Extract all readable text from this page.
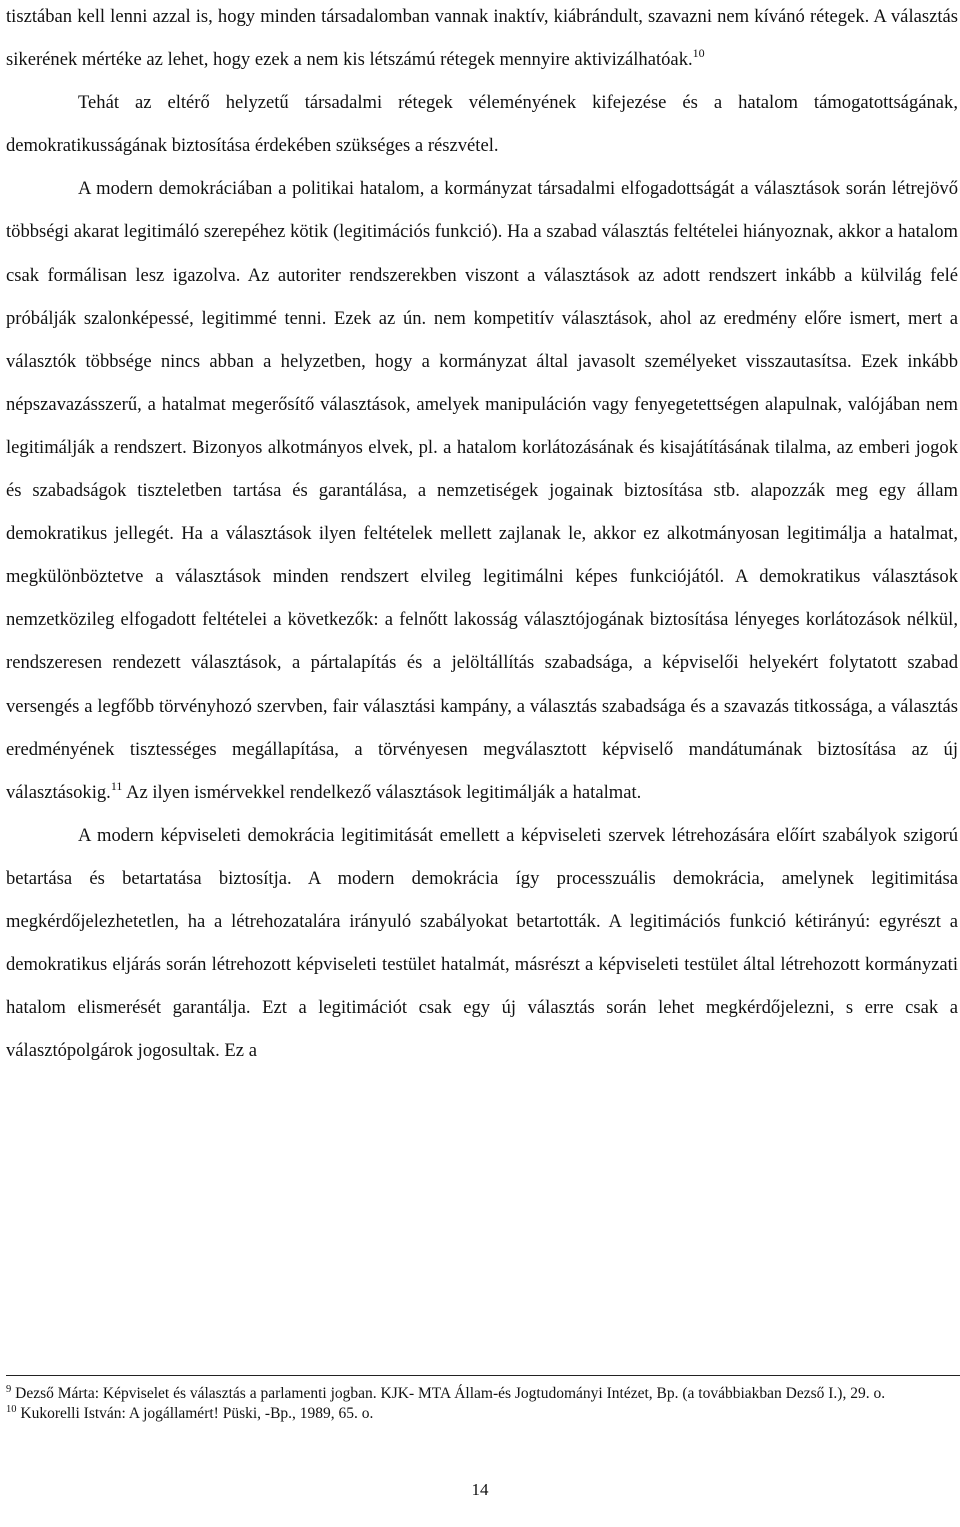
tisztában kell lenni azzal is, hogy minden társadalomban vannak inaktív, kiábrándult, szavazni nem kívánó rétegek. A választás sikerének mértéke az lehet, hogy ezek a nem kis létszámú rétegek mennyire aktivizálhatóak.$^{10}$

Tehát az eltérő helyzetű társadalmi rétegek véleményének kifejezése és a hatalom támogatottságának, demokratikusságának biztosítása érdekében szükséges a részvétel.

A modern demokráciában a politikai hatalom, a kormányzat társadalmi elfogadottságát a választások során létrejövő többségi akarat legitimáló szerepéhez kötik (legitimációs funkció). Ha a szabad választás feltételei hiányoznak, akkor a hatalom csak formálisan lesz igazolva. Az autoriter rendszerekben viszont a választások az adott rendszert inkább a külvilág felé próbálják szalonképessé, legitimmé tenni. Ezek az ún. nem kompetitív választások, ahol az eredmény előre ismert, mert a választók többsége nincs abban a helyzetben, hogy a kormányzat által javasolt személyeket visszautasítsa. Ezek inkább népszavazásszerű, a hatalmat megerősítő választások, amelyek manipuláción vagy fenyegetettségen alapulnak, valójában nem legitimálják a rendszert. Bizonyos alkotmányos elvek, pl. a hatalom korlátozásának és kisajátításának tilalma, az emberi jogok és szabadságok tiszteletben tartása és garantálása, a nemzetiségek jogainak biztosítása stb. alapozzák meg egy állam demokratikus jellegét. Ha a választások ilyen feltételek mellett zajlanak le, akkor ez alkotmányosan legitimálja a hatalmat, megkülönböztetve a választások minden rendszert elvileg legitimálni képes funkciójától. A demokratikus választások nemzetközileg elfogadott feltételei a következők: a felnőtt lakosság választójogának biztosítása lényeges korlátozások nélkül, rendszeresen rendezett választások, a pártalapítás és a jelöltállítás szabadsága, a képviselői helyekért folytatott szabad versengés a legfőbb törvényhozó szervben, fair választási kampány, a választás szabadsága és a szavazás titkossága, a választás eredményének tisztességes megállapítása, a törvényesen megválasztott képviselő mandátumának biztosítása az új választásokig.$^{11}$ Az ilyen ismérvekkel rendelkező választások legitimálják a hatalmat.

A modern képviseleti demokrácia legitimitását emellett a képviseleti szervek létrehozására előírt szabályok szigorú betartása és betartatása biztosítja. A modern demokrácia így processzuális demokrácia, amelynek legitimitása megkérdőjelezhetetlen, ha a létrehozatalára irányuló szabályokat betartották. A legitimációs funkció kétirányú: egyrészt a demokratikus eljárás során létrehozott képviseleti testület hatalmát, másrészt a képviseleti testület által létrehozott kormányzati hatalom elismerését garantálja. Ezt a legitimációt csak egy új választás során lehet megkérdőjelezni, s erre csak a választópolgárok jogosultak. Ez a

$^9$ Dezső Márta: Képviselet és választás a parlamenti jogban. KJK- MTA Állam-és Jogtudományi Intézet, Bp. (a továbbiakban Dezső I.), 29. o.

$^{10}$ Kukorelli István: A jogállamért! Püski, -Bp., 1989, 65. o.

14
